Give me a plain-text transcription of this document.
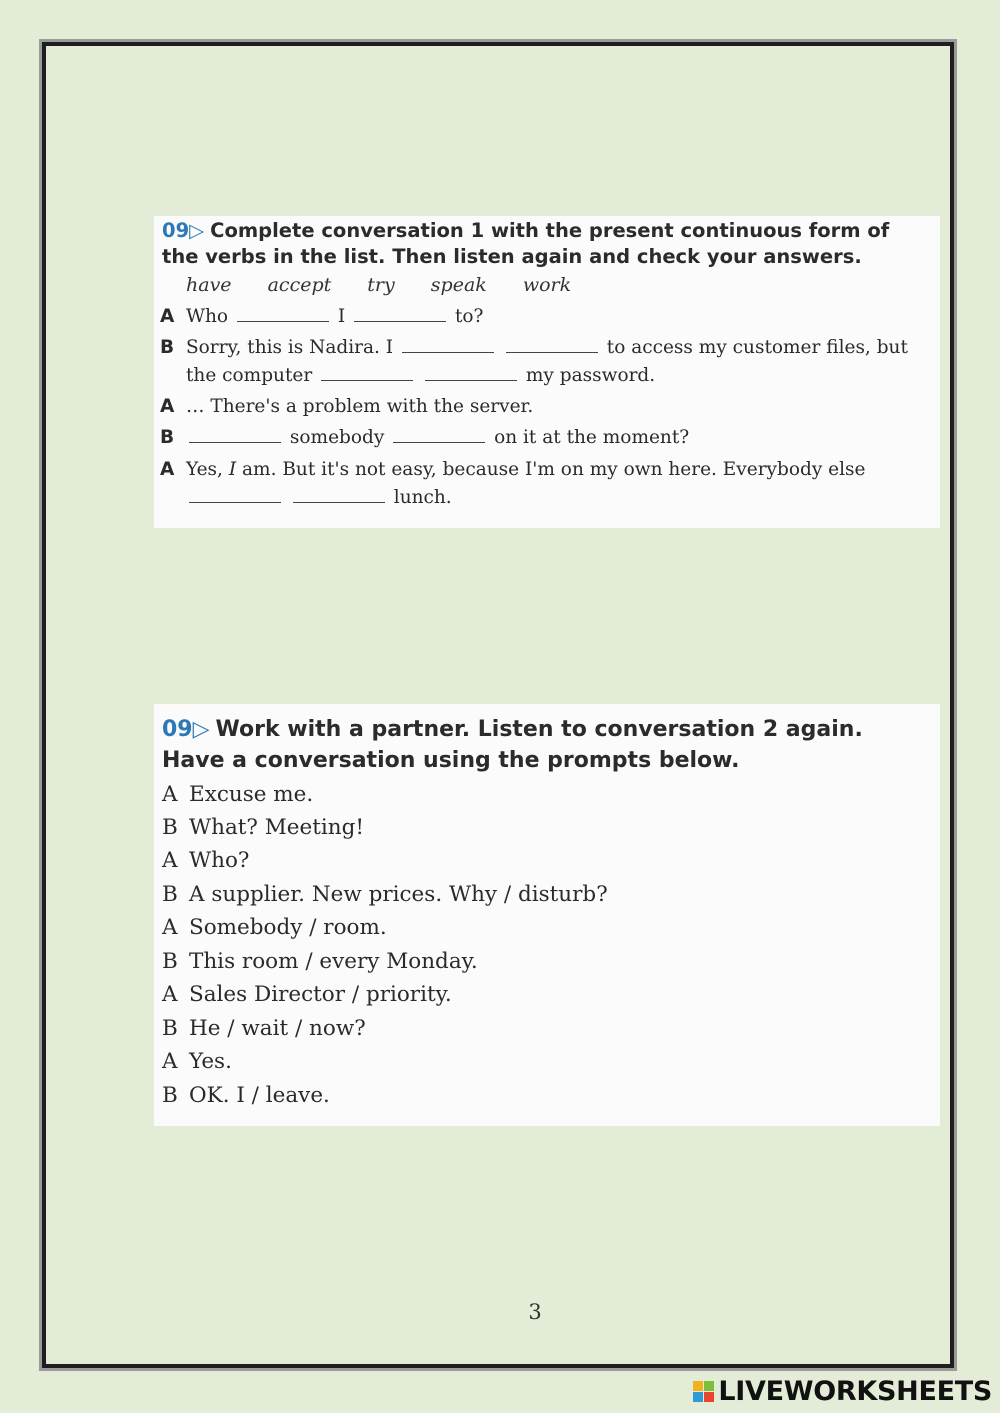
09▷ Complete conversation 1 with the present continuous form of the verbs in the list. Then listen again and check your answers.

have accept try speak work
A Who	I	to?
B Sorry, this is Nadira. I	to access my customer files, but
the computer	my password.
A … There's a problem with the server.
B	somebody	on it at the moment?
A Yes, I am. But it's not easy, because I'm on my own here. Everybody else
lunch.

09▷ Work with a partner. Listen to conversation 2 again. Have a conversation using the prompts below.

A Excuse me.
B What? Meeting!
A Who?
B A supplier. New prices. Why / disturb?
A Somebody / room.
B This room / every Monday.
A Sales Director / priority.
B He / wait / now?
A Yes.
B OK. I / leave.
3
LIVEWORKSHEETS
